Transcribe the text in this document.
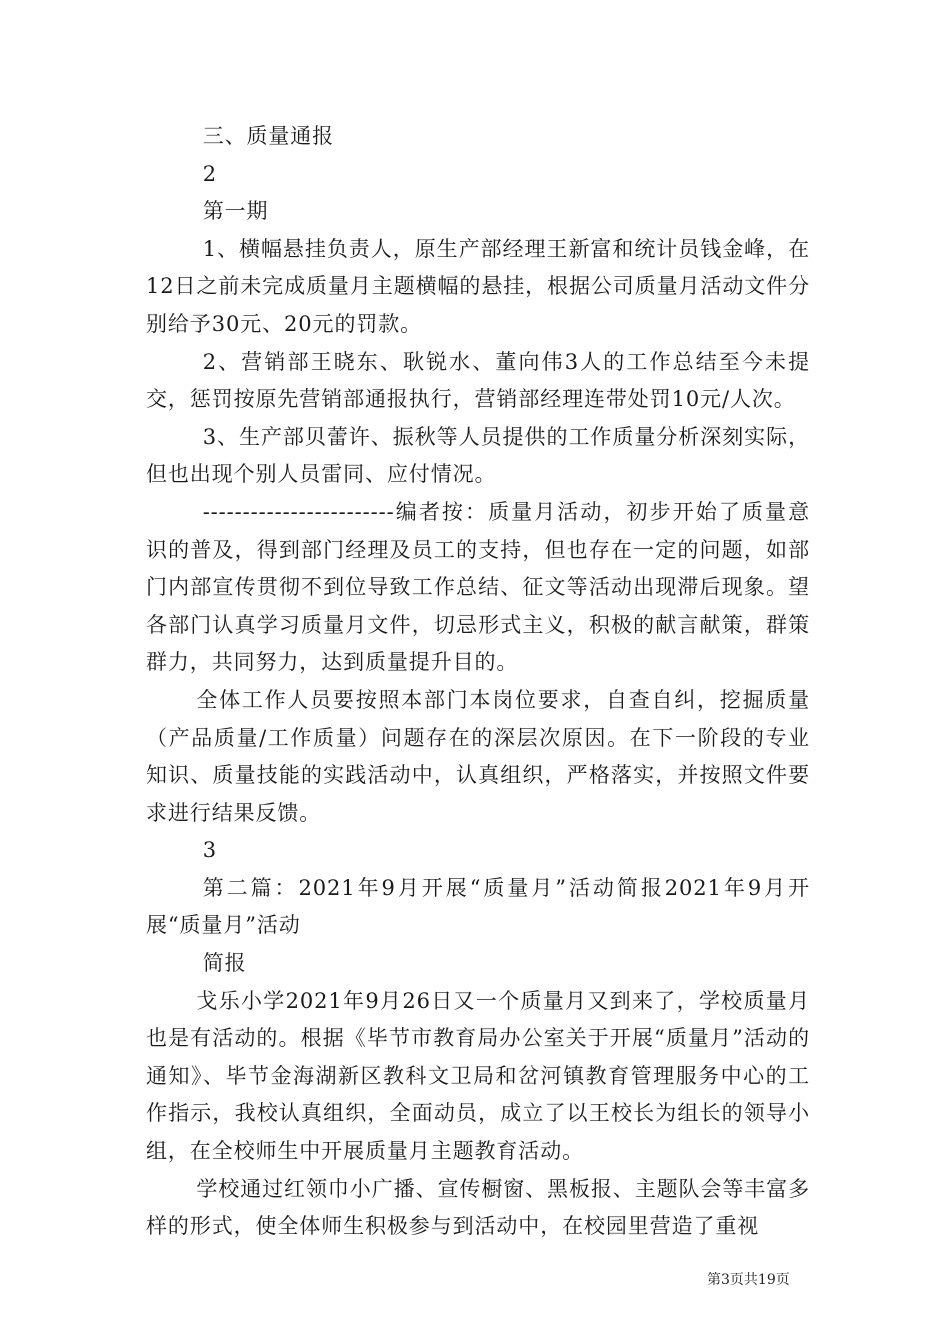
三、质量通报

2

第一期

1、横幅悬挂负责人，原生产部经理王新富和统计员钱金峰，在12日之前未完成质量月主题横幅的悬挂，根据公司质量月活动文件分别给予30元、20元的罚款。

2、营销部王晓东、耿锐水、董向伟3人的工作总结至今未提交，惩罚按原先营销部通报执行，营销部经理连带处罚10元/人次。

3、生产部贝蕾许、振秋等人员提供的工作质量分析深刻实际，但也出现个别人员雷同、应付情况。

------------------------编者按：质量月活动，初步开始了质量意识的普及，得到部门经理及员工的支持，但也存在一定的问题，如部门内部宣传贯彻不到位导致工作总结、征文等活动出现滞后现象。望各部门认真学习质量月文件，切忌形式主义，积极的献言献策，群策群力，共同努力，达到质量提升目的。

全体工作人员要按照本部门本岗位要求，自查自纠，挖掘质量（产品质量/工作质量）问题存在的深层次原因。在下一阶段的专业知识、质量技能的实践活动中，认真组织，严格落实，并按照文件要求进行结果反馈。

3

第二篇：2021年9月开展“质量月”活动简报2021年9月开展“质量月”活动

简报

戈乐小学2021年9月26日又一个质量月又到来了，学校质量月也是有活动的。根据《毕节市教育局办公室关于开展“质量月”活动的通知》、毕节金海湖新区教科文卫局和岔河镇教育管理服务中心的工作指示，我校认真组织，全面动员，成立了以王校长为组长的领导小组，在全校师生中开展质量月主题教育活动。

学校通过红领巾小广播、宣传橱窗、黑板报、主题队会等丰富多样的形式，使全体师生积极参与到活动中，在校园里营造了重视

第3页共19页
